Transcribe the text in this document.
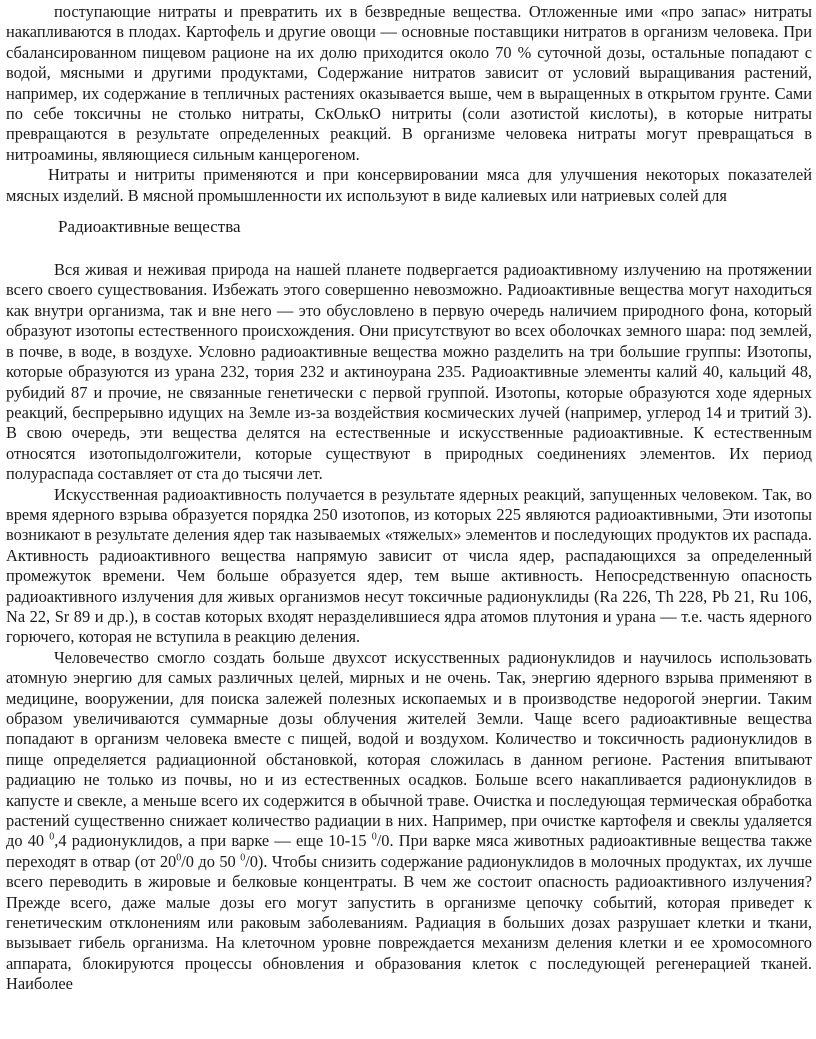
поступающие нитраты и превратить их в безвредные вещества. Отложенные ими «про запас» нитраты накапливаются в плодах. Картофель и другие овощи — основные поставщики нитратов в организм человека. При сбалансированном пищевом рационе на их долю приходится около 70 % суточной дозы, остальные попадают с водой, мясными и другими продуктами, Содержание нитратов зависит от условий выращивания растений, например, их содержание в тепличных растениях оказывается выше, чем в выращенных в открытом грунте. Сами по себе токсичны не столько нитраты, СкОлькО нитриты (соли азотистой кислоты), в которые нитраты превращаются в результате определенных реакций. В организме человека нитраты могут превращаться в нитроамины, являющиеся сильным канцерогеном.

Нитраты и нитриты применяются и при консервировании мяса для улучшения некоторых показателей мясных изделий. В мясной промышленности их используют в виде калиевых или натриевых солей для

Радиоактивные вещества

Вся живая и неживая природа на нашей планете подвергается радиоактивному излучению на протяжении всего своего существования. Избежать этого совершенно невозможно. Радиоактивные вещества могут находиться как внутри организма, так и вне него — это обусловлено в первую очередь наличием природного фона, который образуют изотопы естественного происхождения. Они присутствуют во всех оболочках земного шара: под землей, в почве, в воде, в воздухе. Условно радиоактивные вещества можно разделить на три большие группы: Изотопы, которые образуются из урана 232, тория 232 и актиноурана 235. Радиоактивные элементы калий 40, кальций 48, рубидий 87 и прочие, не связанные генетически с первой группой. Изотопы, которые образуются ходе ядерных реакций, беспрерывно идущих на Земле из-за воздействия космических лучей (например, углерод 14 и тритий 3). В свою очередь, эти вещества делятся на естественные и искусственные радиоактивные. К естественным относятся изотопыдолгожители, которые существуют в природных соединениях элементов. Их период полураспада составляет от ста до тысячи лет.

Искусственная радиоактивность получается в результате ядерных реакций, запущенных человеком. Так, во время ядерного взрыва образуется порядка 250 изотопов, из которых 225 являются радиоактивными, Эти изотопы возникают в результате деления ядер так называемых «тяжелых» элементов и последующих продуктов их распада. Активность радиоактивного вещества напрямую зависит от числа ядер, распадающихся за определенный промежуток времени. Чем больше образуется ядер, тем выше активность. Непосредственную опасность радиоактивного излучения для живых организмов несут токсичные радионуклиды (Ra 226, Th 228, Pb 21, Ru 106, Na 22, Sr 89 и др.), в состав которых входят неразделившиеся ядра атомов плутония и урана — т.е. часть ядерного горючего, которая не вступила в реакцию деления.

Человечество смогло создать больше двухсот искусственных радионуклидов и научилось использовать атомную энергию для самых различных целей, мирных и не очень. Так, энергию ядерного взрыва применяют в медицине, вооружении, для поиска залежей полезных ископаемых и в производстве недорогой энергии. Таким образом увеличиваются суммарные дозы облучения жителей Земли. Чаще всего радиоактивные вещества попадают в организм человека вместе с пищей, водой и воздухом. Количество и токсичность радионуклидов в пище определяется радиационной обстановкой, которая сложилась в данном регионе. Растения впитывают радиацию не только из почвы, но и из естественных осадков. Больше всего накапливается радионуклидов в капусте и свекле, а меньше всего их содержится в обычной траве. Очистка и последующая термическая обработка растений существенно снижает количество радиации в них. Например, при очистке картофеля и свеклы удаляется до 40 $^0$,4 радионуклидов, а при варке — еще 10-15 $^0$/0. При варке мяса животных радиоактивные вещества также переходят в отвар (от $20^0/0$ до 50 $^0$/0). Чтобы снизить содержание радионуклидов в молочных продуктах, их лучше всего переводить в жировые и белковые концентраты. В чем же состоит опасность радиоактивного излучения? Прежде всего, даже малые дозы его могут запустить в организме цепочку событий, которая приведет к генетическим отклонениям или раковым заболеваниям. Радиация в больших дозах разрушает клетки и ткани, вызывает гибель организма. На клеточном уровне повреждается механизм деления клетки и ее хромосомного аппарата, блокируются процессы обновления и образования клеток с последующей регенерацией тканей. Наиболее
